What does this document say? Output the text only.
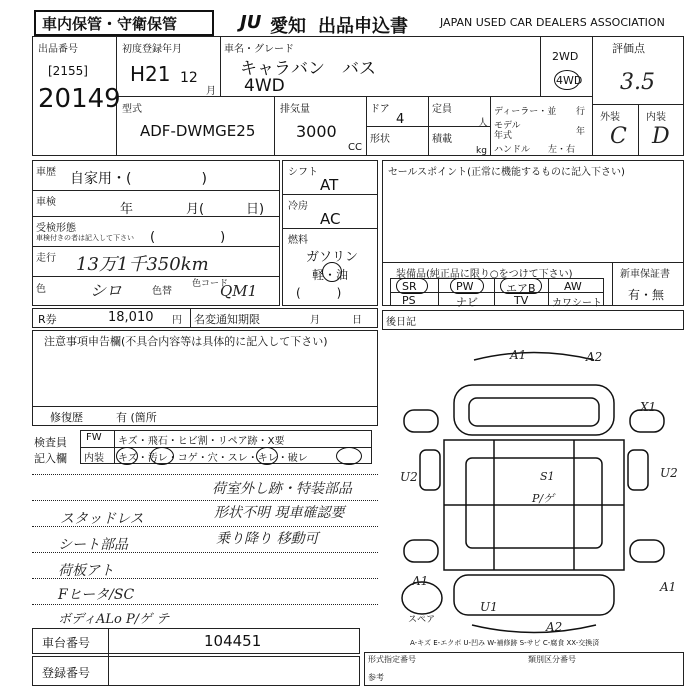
車内保管・守衛保管	JU 愛知 出品申込書	JAPAN USED CAR DEALERS ASSOCIATION
出品番号
[2155]
20149
初度登録年月
H21 12
月
車名・グレード
キャラバン　バス
4WD
2WD
4WD
評価点
3.5
外装	内装
C D
型式
ADF-DWMGE25
排気量
3000
CC
ドア
4
形状
定員
人
積載
kg
ディーラー・並 行
モデル
年式	年
ハンドル 左・右
車歴 自家用・(　　　　　)
車検	年	月(	日)
受検形態
車検付きの者は記入して下さい (　　　　　)
走行 13万1千350km
色	シロ	色替
色コード
QM1
シフト
AT
冷房
AC
燃料
ガソリン
軽・油
(　　　)
セールスポイント(正常に機能するものに記入下さい)
装備品(純正品に限り○をつけて下さい)	新車保証書
有・無
SR	PW	エアB	AW
PS	ナビ	TV カワシート
R券	18,010 円 名変通知期限	月	日 後日記
注意事項申告欄(不具合内容等は具体的に記入して下さい)
修復歴	有 (箇所
検査員
記入欄
FW キズ・飛石・ヒビ割・リペア跡・X要
内装 キズ・汚レ・コゲ・穴・スレ・キレ・破レ
荷室外し跡・特装部品
形状不明 現車確認要
乗り降り 移動可
スタッドレス
シート部品
荷板アト
Fヒータ/SC
ボディALo P/ゲ テ
A1	A2
U2	U2
A1	A1
A2
U1
X1
S1
P/ゲ
スペア
A-キズ E-エクボ U-凹み W-補修跡 S-サビ C-腐食 XX-交換済
車台番号	104451
登録番号
形式指定番号	類別区分番号
参考
